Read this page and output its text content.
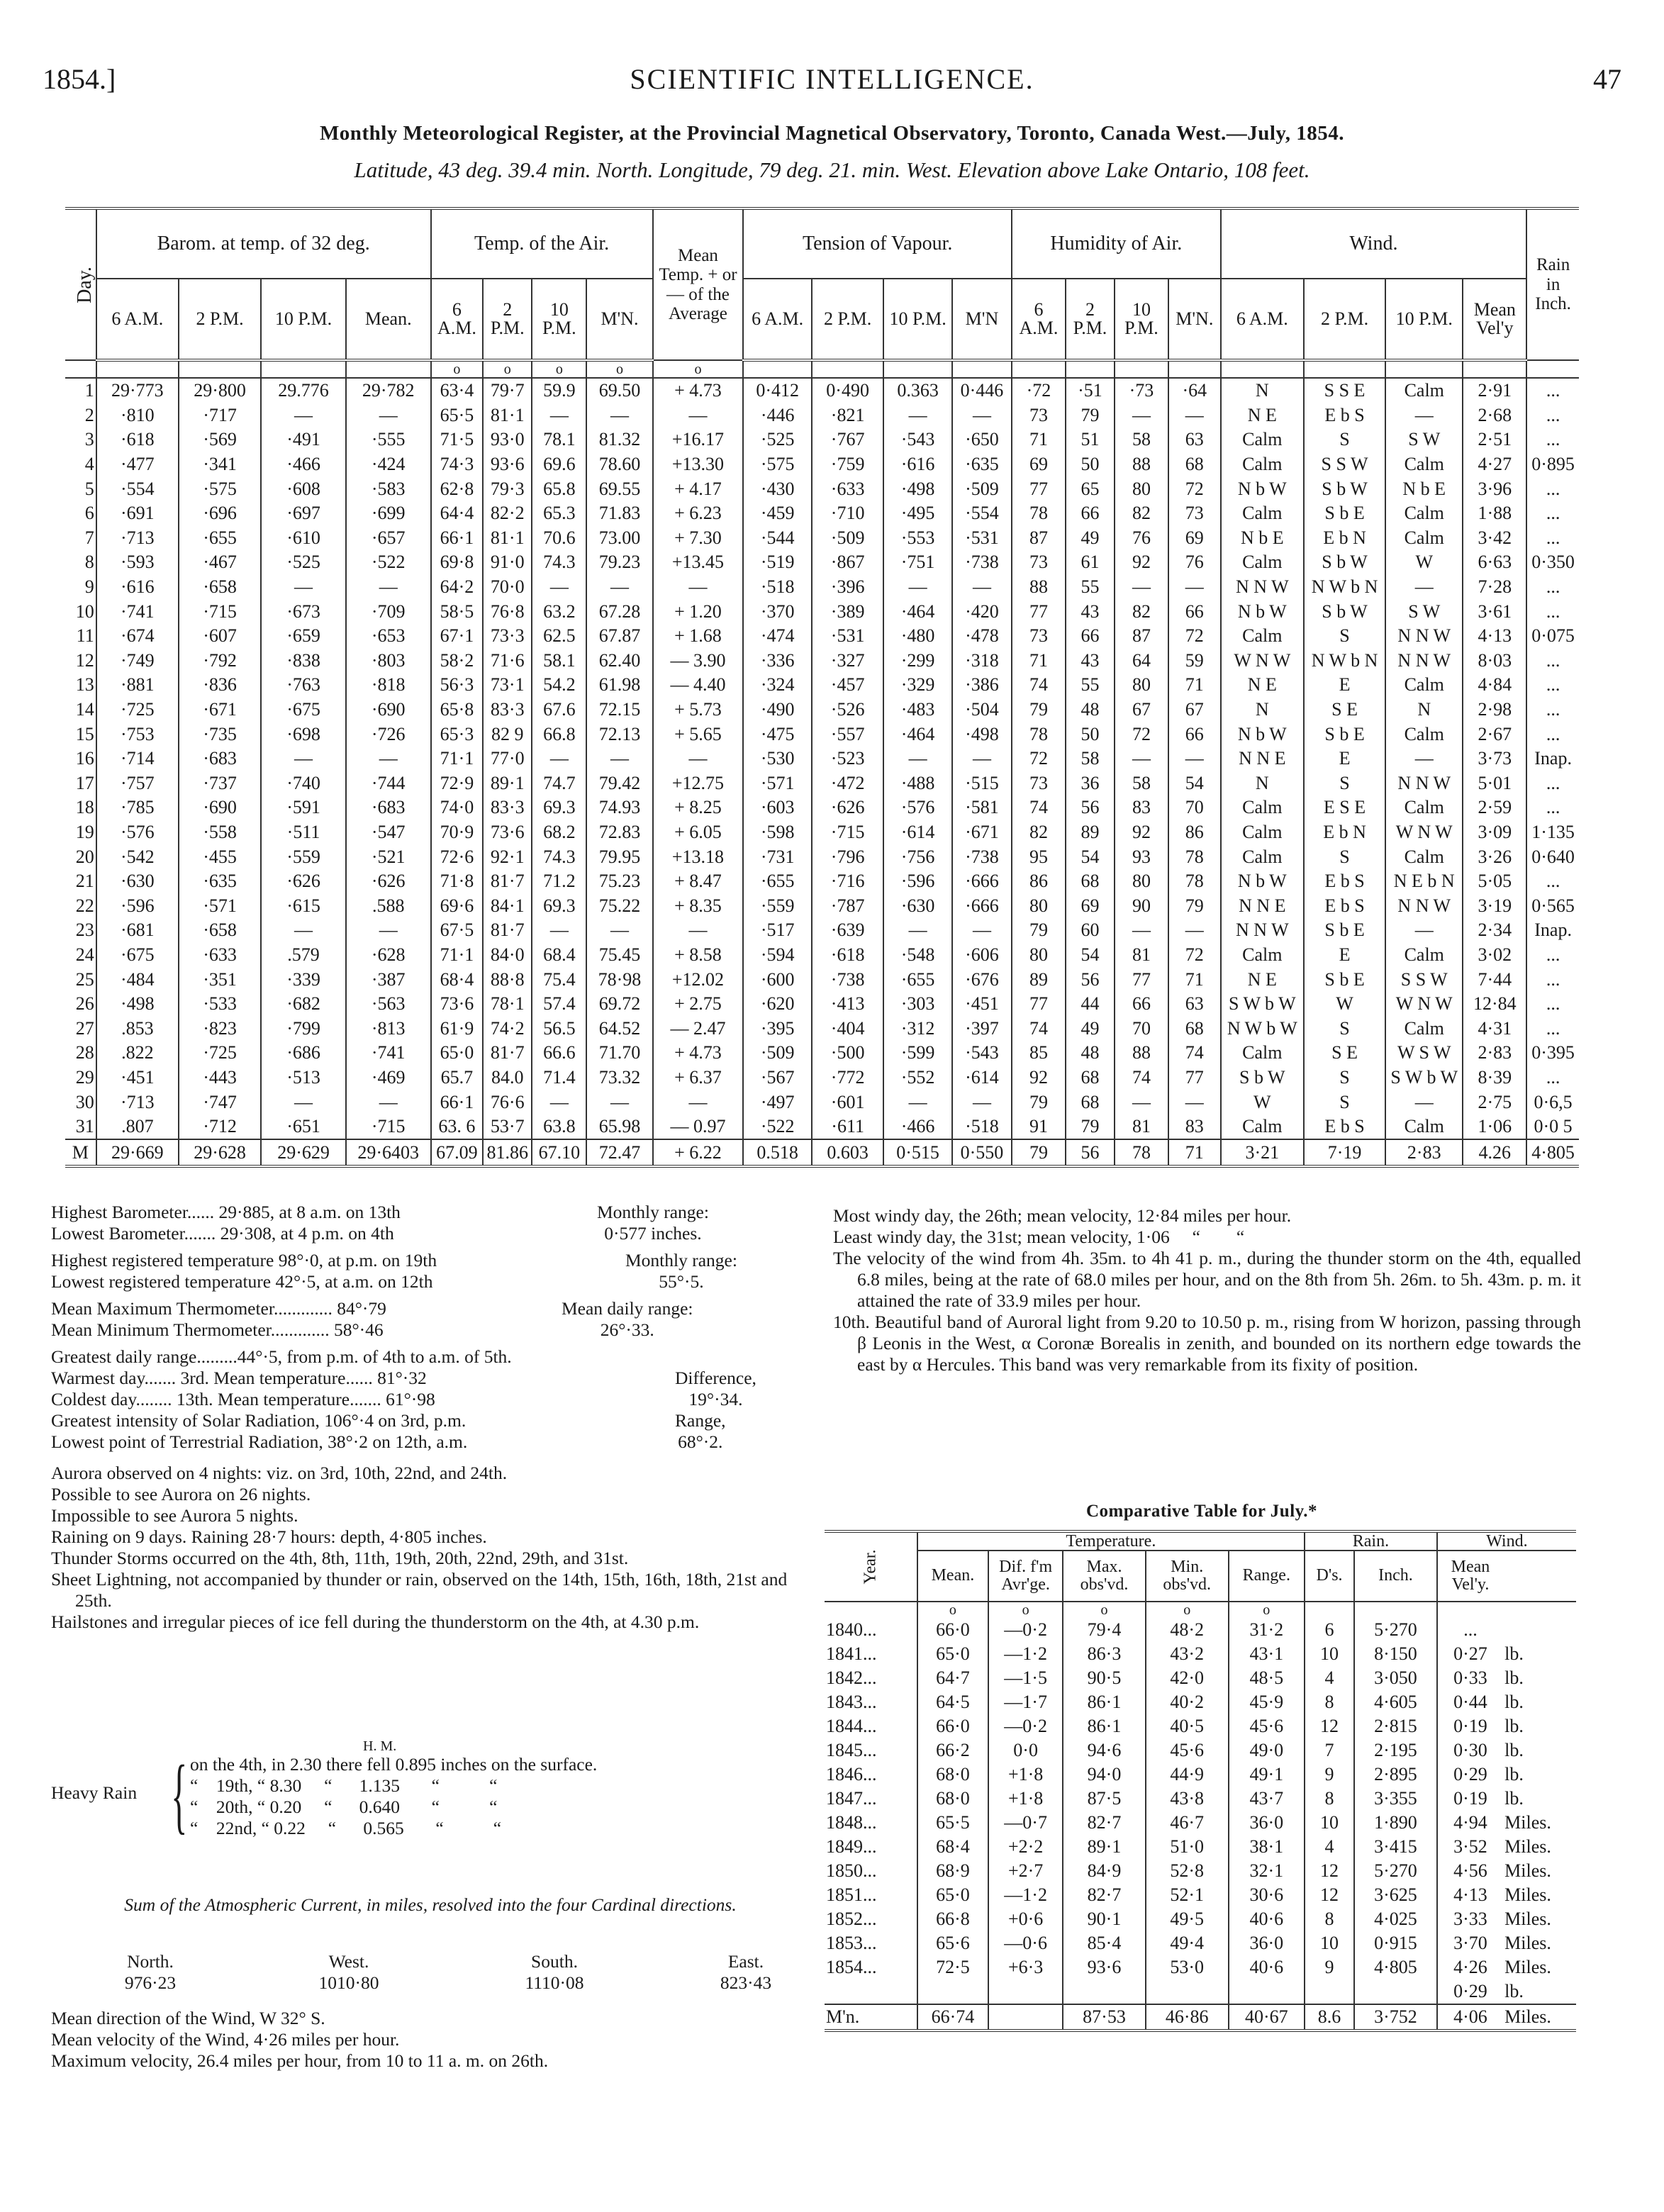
1854.]	SCIENTIFIC INTELLIGENCE.	47
Monthly Meteorological Register, at the Provincial Magnetical Observatory, Toronto, Canada West.—July, 1854.
Latitude, 43 deg. 39.4 min. North. Longitude, 79 deg. 21. min. West. Elevation above Lake Ontario, 108 feet.
Day.	Barom. at temp. of 32 deg.				Temp. of the Air.				Mean Temp. + or — of the Average	Tension of Vapour.				Humidity of Air.				Wind.				Rain in Inch.
	6 A.M.	2 P.M.	10 P.M.	Mean.	6 A.M.	2 P.M.	10 P.M.	M'N.		6 A.M.	2 P.M.	10 P.M.	M'N	6 A.M.	2 P.M.	10 P.M.	M'N.	6 A.M.	2 P.M.	10 P.M.	Mean Vel'y	
					o	o	o	o	o													
1	29·773	29·800	29.776	29·782	63·4	79·7	59.9	69.50	+ 4.73	0·412	0·490	0.363	0·446	·72	·51	·73	·64	N	S S E	Calm	2·91	...
2	·810	·717	—	—	65·5	81·1	—	—	—	·446	·821	—	—	73	79	—	—	N E	E b S	—	2·68	...
3	·618	·569	·491	·555	71·5	93·0	78.1	81.32	+16.17	·525	·767	·543	·650	71	51	58	63	Calm	S	S W	2·51	...
4	·477	·341	·466	·424	74·3	93·6	69.6	78.60	+13.30	·575	·759	·616	·635	69	50	88	68	Calm	S S W	Calm	4·27	0·895
5	·554	·575	·608	·583	62·8	79·3	65.8	69.55	+ 4.17	·430	·633	·498	·509	77	65	80	72	N b W	S b W	N b E	3·96	...
6	·691	·696	·697	·699	64·4	82·2	65.3	71.83	+ 6.23	·459	·710	·495	·554	78	66	82	73	Calm	S b E	Calm	1·88	...
7	·713	·655	·610	·657	66·1	81·1	70.6	73.00	+ 7.30	·544	·509	·553	·531	87	49	76	69	N b E	E b N	Calm	3·42	...
8	·593	·467	·525	·522	69·8	91·0	74.3	79.23	+13.45	·519	·867	·751	·738	73	61	92	76	Calm	S b W	W	6·63	0·350
9	·616	·658	—	—	64·2	70·0	—	—	—	·518	·396	—	—	88	55	—	—	N N W	N W b N	—	7·28	...
10	·741	·715	·673	·709	58·5	76·8	63.2	67.28	+ 1.20	·370	·389	·464	·420	77	43	82	66	N b W	S b W	S W	3·61	...
11	·674	·607	·659	·653	67·1	73·3	62.5	67.87	+ 1.68	·474	·531	·480	·478	73	66	87	72	Calm	S	N N W	4·13	0·075
12	·749	·792	·838	·803	58·2	71·6	58.1	62.40	— 3.90	·336	·327	·299	·318	71	43	64	59	W N W	N W b N	N N W	8·03	...
13	·881	·836	·763	·818	56·3	73·1	54.2	61.98	— 4.40	·324	·457	·329	·386	74	55	80	71	N E	E	Calm	4·84	...
14	·725	·671	·675	·690	65·8	83·3	67.6	72.15	+ 5.73	·490	·526	·483	·504	79	48	67	67	N	S E	N	2·98	...
15	·753	·735	·698	·726	65·3	82 9	66.8	72.13	+ 5.65	·475	·557	·464	·498	78	50	72	66	N b W	S b E	Calm	2·67	...
16	·714	·683	—	—	71·1	77·0	—	—	—	·530	·523	—	—	72	58	—	—	N N E	E	—	3·73	Inap.
17	·757	·737	·740	·744	72·9	89·1	74.7	79.42	+12.75	·571	·472	·488	·515	73	36	58	54	N	S	N N W	5·01	...
18	·785	·690	·591	·683	74·0	83·3	69.3	74.93	+ 8.25	·603	·626	·576	·581	74	56	83	70	Calm	E S E	Calm	2·59	...
19	·576	·558	·511	·547	70·9	73·6	68.2	72.83	+ 6.05	·598	·715	·614	·671	82	89	92	86	Calm	E b N	W N W	3·09	1·135
20	·542	·455	·559	·521	72·6	92·1	74.3	79.95	+13.18	·731	·796	·756	·738	95	54	93	78	Calm	S	Calm	3·26	0·640
21	·630	·635	·626	·626	71·8	81·7	71.2	75.23	+ 8.47	·655	·716	·596	·666	86	68	80	78	N b W	E b S	N E b N	5·05	...
22	·596	·571	·615	.588	69·6	84·1	69.3	75.22	+ 8.35	·559	·787	·630	·666	80	69	90	79	N N E	E b S	N N W	3·19	0·565
23	·681	·658	—	—	67·5	81·7	—	—	—	·517	·639	—	—	79	60	—	—	N N W	S b E	—	2·34	Inap.
24	·675	·633	.579	·628	71·1	84·0	68.4	75.45	+ 8.58	·594	·618	·548	·606	80	54	81	72	Calm	E	Calm	3·02	...
25	·484	·351	·339	·387	68·4	88·8	75.4	78·98	+12.02	·600	·738	·655	·676	89	56	77	71	N E	S b E	S S W	7·44	...
26	·498	·533	·682	·563	73·6	78·1	57.4	69.72	+ 2.75	·620	·413	·303	·451	77	44	66	63	S W b W	W	W N W	12·84	...
27	.853	·823	·799	·813	61·9	74·2	56.5	64.52	— 2.47	·395	·404	·312	·397	74	49	70	68	N W b W	S	Calm	4·31	...
28	.822	·725	·686	·741	65·0	81·7	66.6	71.70	+ 4.73	·509	·500	·599	·543	85	48	88	74	Calm	S E	W S W	2·83	0·395
29	·451	·443	·513	·469	65.7	84.0	71.4	73.32	+ 6.37	·567	·772	·552	·614	92	68	74	77	S b W	S	S W b W	8·39	...
30	·713	·747	—	—	66·1	76·6	—	—	—	·497	·601	—	—	79	68	—	—	W	S	—	2·75	0·6,5
31	.807	·712	·651	·715	63. 6	53·7	63.8	65.98	— 0.97	·522	·611	·466	·518	91	79	81	83	Calm	E b S	Calm	1·06	0·0 5
M	29·669	29·628	29·629	29·6403	67.09	81.86	67.10	72.47	+ 6.22	0.518	0.603	0·515	0·550	79	56	78	71	3·21	7·19	2·83	4.26	4·805

Highest Barometer...... 29·885, at 8 a.m. on 13th

Lowest Barometer....... 29·308, at 4 p.m. on 4th

Monthly range:
0·577 inches.

Highest registered temperature 98°·0, at p.m. on 19th

Lowest registered temperature 42°·5, at a.m. on 12th

Monthly range:
55°·5.

Mean Maximum Thermometer............. 84°·79

Mean Minimum Thermometer............. 58°·46

Mean daily range:
26°·33.

Greatest daily range.........44°·5, from p.m. of 4th to a.m. of 5th.

Warmest day....... 3rd. Mean temperature...... 81°·32

Coldest day........ 13th. Mean temperature....... 61°·98

Difference,
19°·34.

Greatest intensity of Solar Radiation, 106°·4 on 3rd, p.m.

Lowest point of Terrestrial Radiation, 38°·2 on 12th, a.m.

Range,
68°·2.

Aurora observed on 4 nights: viz. on 3rd, 10th, 22nd, and 24th.

Possible to see Aurora on 26 nights.

Impossible to see Aurora 5 nights.

Raining on 9 days. Raining 28·7 hours: depth, 4·805 inches.

Thunder Storms occurred on the 4th, 8th, 11th, 19th, 20th, 22nd, 29th, and 31st.

Sheet Lightning, not accompanied by thunder or rain, observed on the 14th, 15th, 16th, 18th, 21st and 25th.

Hailstones and irregular pieces of ice fell during the thunderstorm on the 4th, at 4.30 p.m.

H. M.
Heavy Rain { on the 4th, in 2.30 there fell 0.895 inches on the surface.

“    19th, “ 8.30     “      1.135       “           “

“    20th, “ 0.20     “      0.640       “           “

“    22nd, “ 0.22     “      0.565       “           “

Sum of the Atmospheric Current, in miles, resolved into the four Cardinal directions.
North.
976·23
West.
1010·80
South.
1110·08
East.
823·43

Mean direction of the Wind, W 32° S.

Mean velocity of the Wind, 4·26 miles per hour.

Maximum velocity, 26.4 miles per hour, from 10 to 11 a. m. on 26th.

Most windy day, the 26th; mean velocity, 12·84 miles per hour.

Least windy day, the 31st; mean velocity, 1·06     “        “

The velocity of the wind from 4h. 35m. to 4h 41 p. m., during the thunder storm on the 4th, equalled 6.8 miles, being at the rate of 68.0 miles per hour, and on the 8th from 5h. 26m. to 5h. 43m. p. m. it attained the rate of 33.9 miles per hour.

10th. Beautiful band of Auroral light from 9.20 to 10.50 p. m., rising from W horizon, passing through β Leonis in the West, α Coronæ Borealis in zenith, and bounded on its northern edge towards the east by α Hercules. This band was very remarkable from its fixity of position.

Comparative Table for July.*
Year.	Temperature.					Rain.		Wind.	
	Mean.	Dif. f'm Avr'ge.	Max. obs'vd.	Min. obs'vd.	Range.	D's.	Inch.	Mean Vel'y.	
	o	o	o	o	o				
1840...	66·0	—0·2	79·4	48·2	31·2	6	5·270	...	
1841...	65·0	—1·2	86·3	43·2	43·1	10	8·150	0·27	lb.
1842...	64·7	—1·5	90·5	42·0	48·5	4	3·050	0·33	lb.
1843...	64·5	—1·7	86·1	40·2	45·9	8	4·605	0·44	lb.
1844...	66·0	—0·2	86·1	40·5	45·6	12	2·815	0·19	lb.
1845...	66·2	0·0	94·6	45·6	49·0	7	2·195	0·30	lb.
1846...	68·0	+1·8	94·0	44·9	49·1	9	2·895	0·29	lb.
1847...	68·0	+1·8	87·5	43·8	43·7	8	3·355	0·19	lb.
1848...	65·5	—0·7	82·7	46·7	36·0	10	1·890	4·94	Miles.
1849...	68·4	+2·2	89·1	51·0	38·1	4	3·415	3·52	Miles.
1850...	68·9	+2·7	84·9	52·8	32·1	12	5·270	4·56	Miles.
1851...	65·0	—1·2	82·7	52·1	30·6	12	3·625	4·13	Miles.
1852...	66·8	+0·6	90·1	49·5	40·6	8	4·025	3·33	Miles.
1853...	65·6	—0·6	85·4	49·4	36·0	10	0·915	3·70	Miles.
1854...	72·5	+6·3	93·6	53·0	40·6	9	4·805	4·26	Miles.
								0·29	lb.
M'n.	66·74		87·53	46·86	40·67	8.6	3·752	4·06	Miles.
